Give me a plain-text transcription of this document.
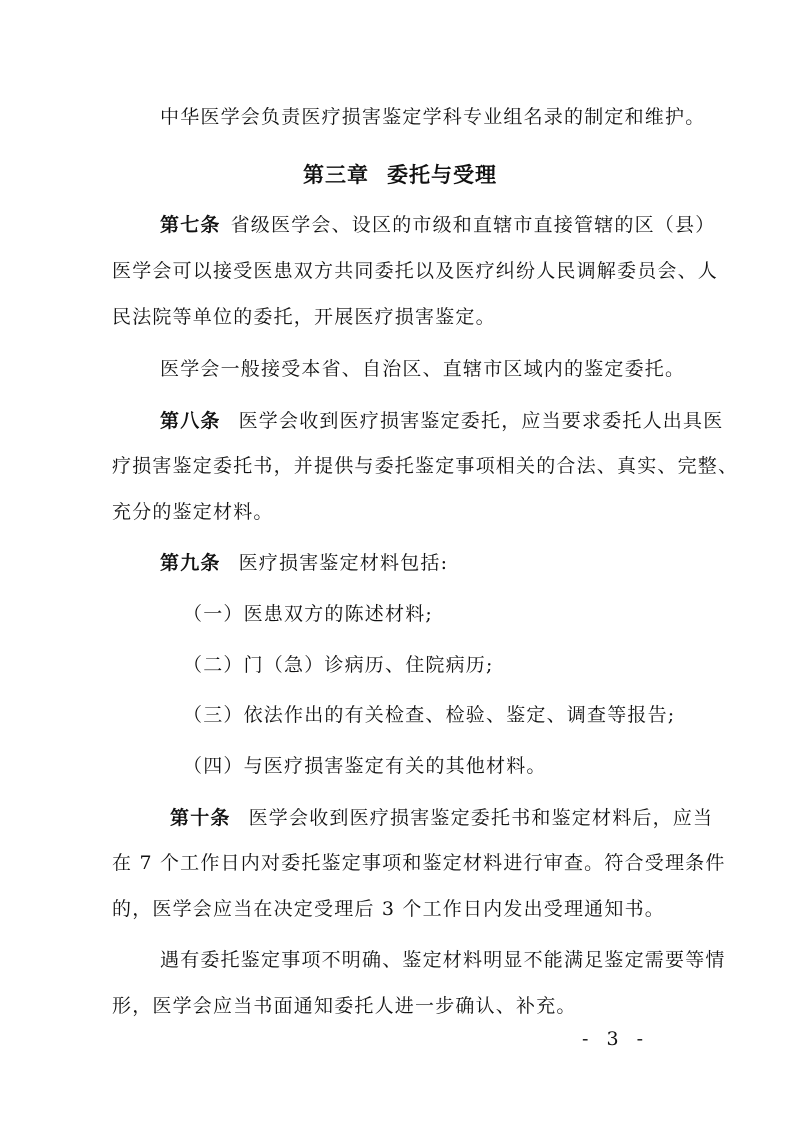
中华医学会负责医疗损害鉴定学科专业组名录的制定和维护。
第三章 委托与受理
第七条 省级医学会、设区的市级和直辖市直接管辖的区（县）
医学会可以接受医患双方共同委托以及医疗纠纷人民调解委员会、人
民法院等单位的委托，开展医疗损害鉴定。
医学会一般接受本省、自治区、直辖市区域内的鉴定委托。
第八条 医学会收到医疗损害鉴定委托，应当要求委托人出具医
疗损害鉴定委托书，并提供与委托鉴定事项相关的合法、真实、完整、
充分的鉴定材料。
第九条 医疗损害鉴定材料包括:
（一）医患双方的陈述材料;
（二）门（急）诊病历、住院病历;
（三）依法作出的有关检查、检验、鉴定、调查等报告;
（四）与医疗损害鉴定有关的其他材料。
第十条 医学会收到医疗损害鉴定委托书和鉴定材料后，应当
在 7 个工作日内对委托鉴定事项和鉴定材料进行审查。符合受理条件
的，医学会应当在决定受理后 3 个工作日内发出受理通知书。
遇有委托鉴定事项不明确、鉴定材料明显不能满足鉴定需要等情
形，医学会应当书面通知委托人进一步确认、补充。
- 3 -
